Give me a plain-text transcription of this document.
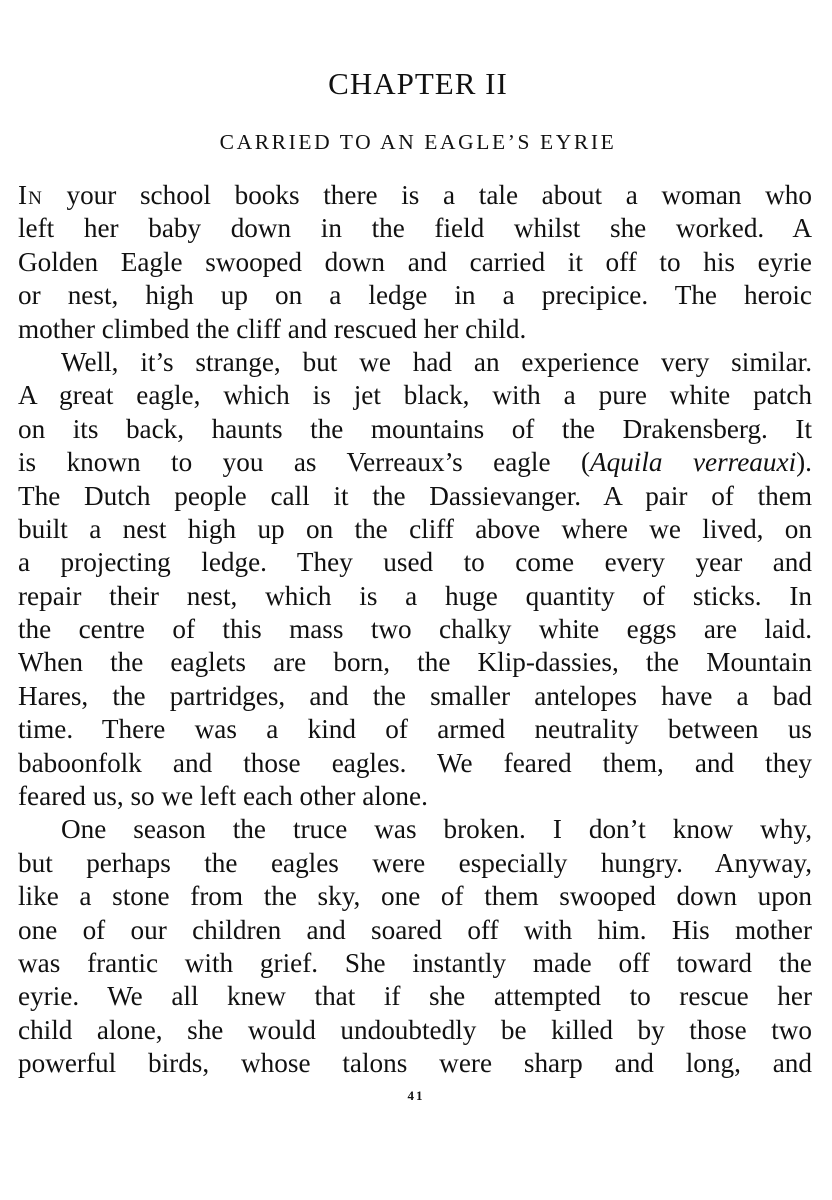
CHAPTER II
CARRIED TO AN EAGLE’S EYRIE

IN your school books there is a tale about a woman who
left her baby down in the field whilst she worked. A
Golden Eagle swooped down and carried it off to his eyrie
or nest, high up on a ledge in a precipice. The heroic
mother climbed the cliff and rescued her child.

Well, it’s strange, but we had an experience very similar.
A great eagle, which is jet black, with a pure white patch
on its back, haunts the mountains of the Drakensberg. It
is known to you as Verreaux’s eagle (Aquila verreauxi).
The Dutch people call it the Dassievanger. A pair of them
built a nest high up on the cliff above where we lived, on
a projecting ledge. They used to come every year and
repair their nest, which is a huge quantity of sticks. In
the centre of this mass two chalky white eggs are laid.
When the eaglets are born, the Klip-dassies, the Mountain
Hares, the partridges, and the smaller antelopes have a bad
time. There was a kind of armed neutrality between us
baboonfolk and those eagles. We feared them, and they
feared us, so we left each other alone.

One season the truce was broken. I don’t know why,
but perhaps the eagles were especially hungry. Anyway,
like a stone from the sky, one of them swooped down upon
one of our children and soared off with him. His mother
was frantic with grief. She instantly made off toward the
eyrie. We all knew that if she attempted to rescue her
child alone, she would undoubtedly be killed by those two
powerful birds, whose talons were sharp and long, and

41
